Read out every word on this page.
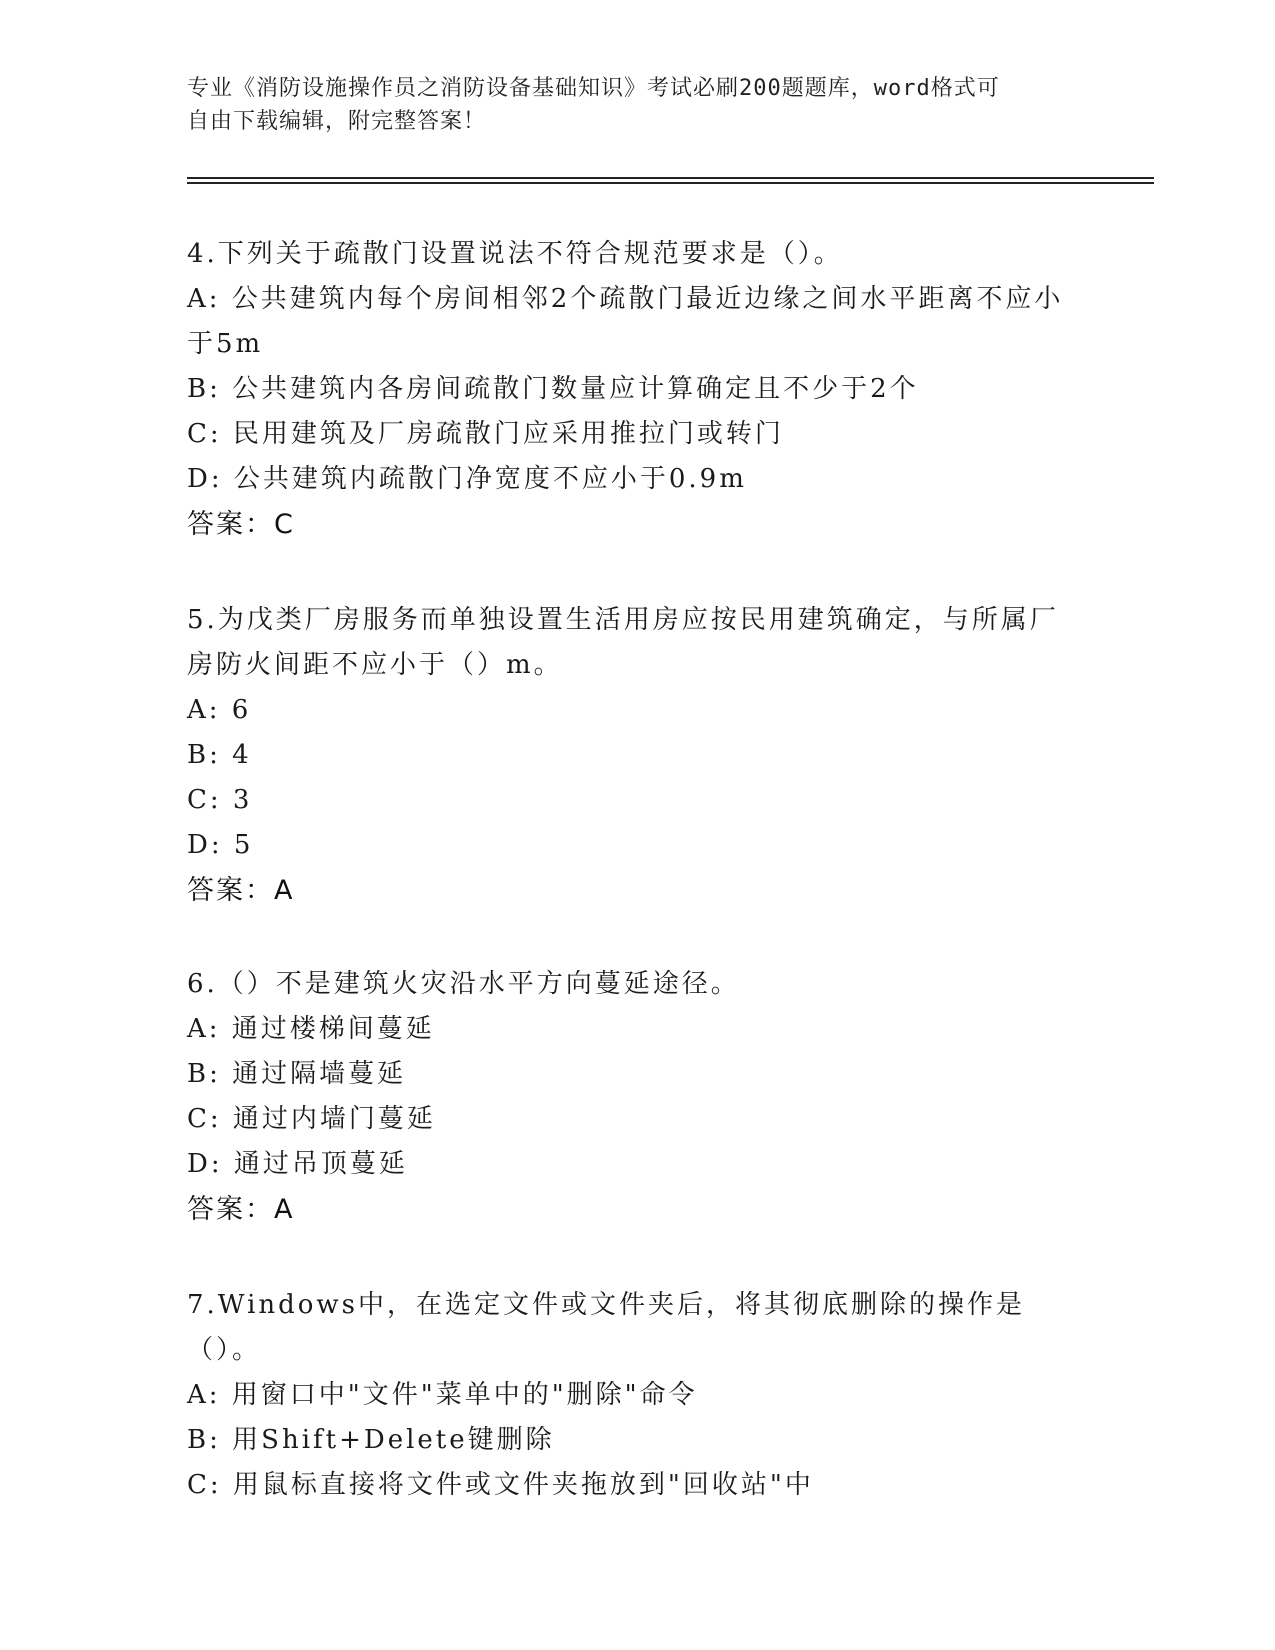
专业《消防设施操作员之消防设备基础知识》考试必刷200题题库，word格式可
自由下载编辑，附完整答案！
4.下列关于疏散门设置说法不符合规范要求是（）。
A: 公共建筑内每个房间相邻2个疏散门最近边缘之间水平距离不应小于5m
B: 公共建筑内各房间疏散门数量应计算确定且不少于2个
C: 民用建筑及厂房疏散门应采用推拉门或转门
D: 公共建筑内疏散门净宽度不应小于0.9m
答案：C
5.为戊类厂房服务而单独设置生活用房应按民用建筑确定，与所属厂房防火间距不应小于（）m。
A: 6
B: 4
C: 3
D: 5
答案：A
6.（）不是建筑火灾沿水平方向蔓延途径。
A: 通过楼梯间蔓延
B: 通过隔墙蔓延
C: 通过内墙门蔓延
D: 通过吊顶蔓延
答案：A
7.Windows中，在选定文件或文件夹后，将其彻底删除的操作是（）。
A: 用窗口中"文件"菜单中的"删除"命令
B: 用Shift+Delete键删除
C: 用鼠标直接将文件或文件夹拖放到"回收站"中
